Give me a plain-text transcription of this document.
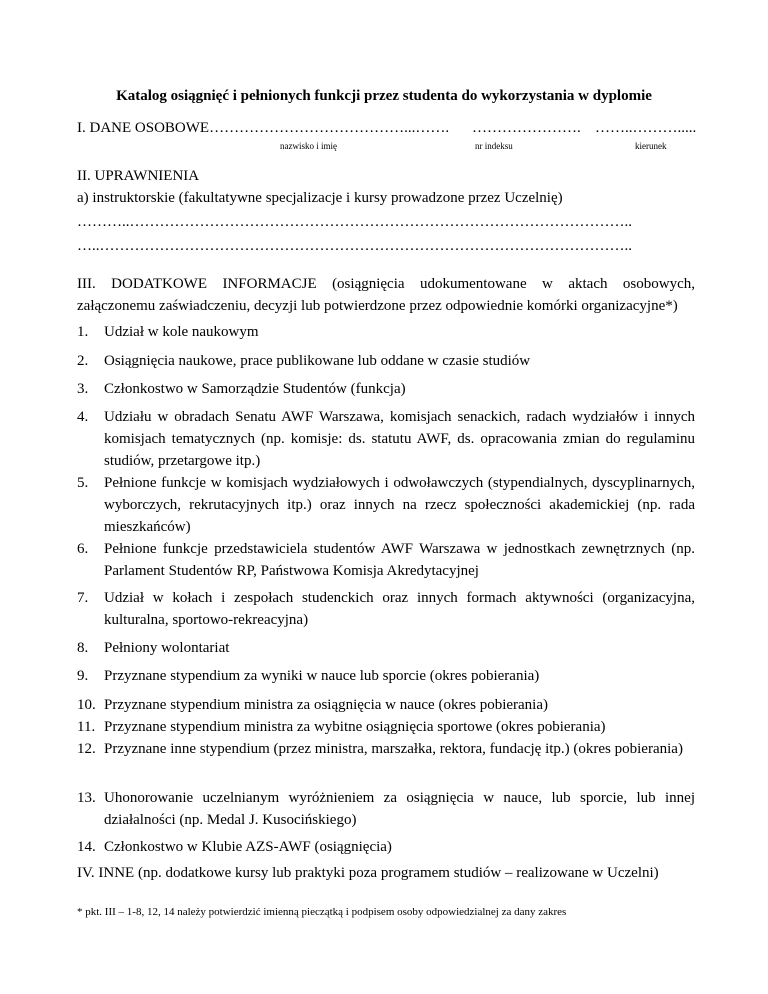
Katalog osiągnięć i pełnionych funkcji przez studenta do wykorzystania w dyplomie

I. DANE OSOBOWE…………………………………...……. …………………. ……..……….....
nazwisko i imię	nr indeksu	kierunek
II. UPRAWNIENIA
a) instruktorskie (fakultatywne specjalizacje i kursy prowadzone przez Uczelnię)
………..………………………………………………………………………………………..
…..……………………………………………………………………………………………..
III. DODATKOWE INFORMACJE (osiągnięcia udokumentowane w aktach osobowych, załączonemu zaświadczeniu, decyzji lub potwierdzone przez odpowiednie komórki organizacyjne*)
1. Udział w kole naukowym
2. Osiągnięcia naukowe, prace publikowane lub oddane w czasie studiów
3. Członkostwo w Samorządzie Studentów (funkcja)
4. Udziału w obradach Senatu AWF Warszawa, komisjach senackich, radach wydziałów i innych komisjach tematycznych (np. komisje: ds. statutu AWF, ds. opracowania zmian do regulaminu studiów, przetargowe itp.)
5. Pełnione funkcje w komisjach wydziałowych i odwoławczych (stypendialnych, dyscyplinarnych, wyborczych, rekrutacyjnych itp.) oraz innych na rzecz społeczności akademickiej (np. rada mieszkańców)
6. Pełnione funkcje przedstawiciela studentów AWF Warszawa w jednostkach zewnętrznych (np. Parlament Studentów RP, Państwowa Komisja Akredytacyjnej
7. Udział w kołach i zespołach studenckich oraz innych formach aktywności (organizacyjna, kulturalna, sportowo-rekreacyjna)
8. Pełniony wolontariat
9. Przyznane stypendium za wyniki w nauce lub sporcie (okres pobierania)
10. Przyznane stypendium ministra za osiągnięcia w nauce (okres pobierania)
11. Przyznane stypendium ministra za wybitne osiągnięcia sportowe (okres pobierania)
12. Przyznane inne stypendium (przez ministra, marszałka, rektora, fundację itp.) (okres pobierania)
13. Uhonorowanie uczelnianym wyróżnieniem za osiągnięcia w nauce, lub sporcie, lub innej działalności (np. Medal J. Kusocińskiego)
14. Członkostwo w Klubie AZS-AWF (osiągnięcia)
IV. INNE (np. dodatkowe kursy lub praktyki poza programem studiów – realizowane w Uczelni)
* pkt. III – 1-8, 12, 14 należy potwierdzić imienną pieczątką i podpisem osoby odpowiedzialnej za dany zakres
